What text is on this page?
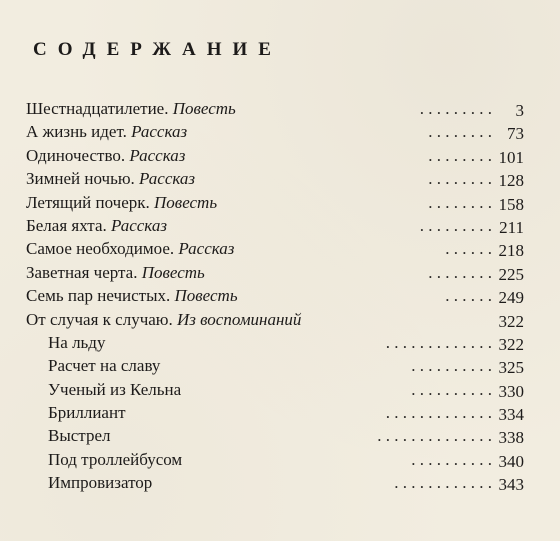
СОДЕРЖАНИЕ
Шестнадцатилетие. Повесть	. . . . . . . . .	3
А жизнь идет. Рассказ	. . . . . . . . 73
Одиночество. Рассказ	. . . . . . . . 101
Зимней ночью. Рассказ	. . . . . . . . 128
Летящий почерк. Повесть	. . . . . . . . 158
Белая яхта. Рассказ	. . . . . . . . . 211
Самое необходимое. Рассказ	. . . . . . 218
Заветная черта. Повесть	. . . . . . . . 225
Семь пар нечистых. Повесть	. . . . . . 249
От случая к случаю. Из воспоминаний	322
На льду	. . . . . . . . . . . . . 322
Расчет на славу	. . . . . . . . . . 325
Ученый из Кельна	. . . . . . . . . . 330
Бриллиант	. . . . . . . . . . . . . 334
Выстрел	. . . . . . . . . . . . . . 338
Под троллейбусом	. . . . . . . . . . 340
Импровизатор	. . . . . . . . . . . . 343
